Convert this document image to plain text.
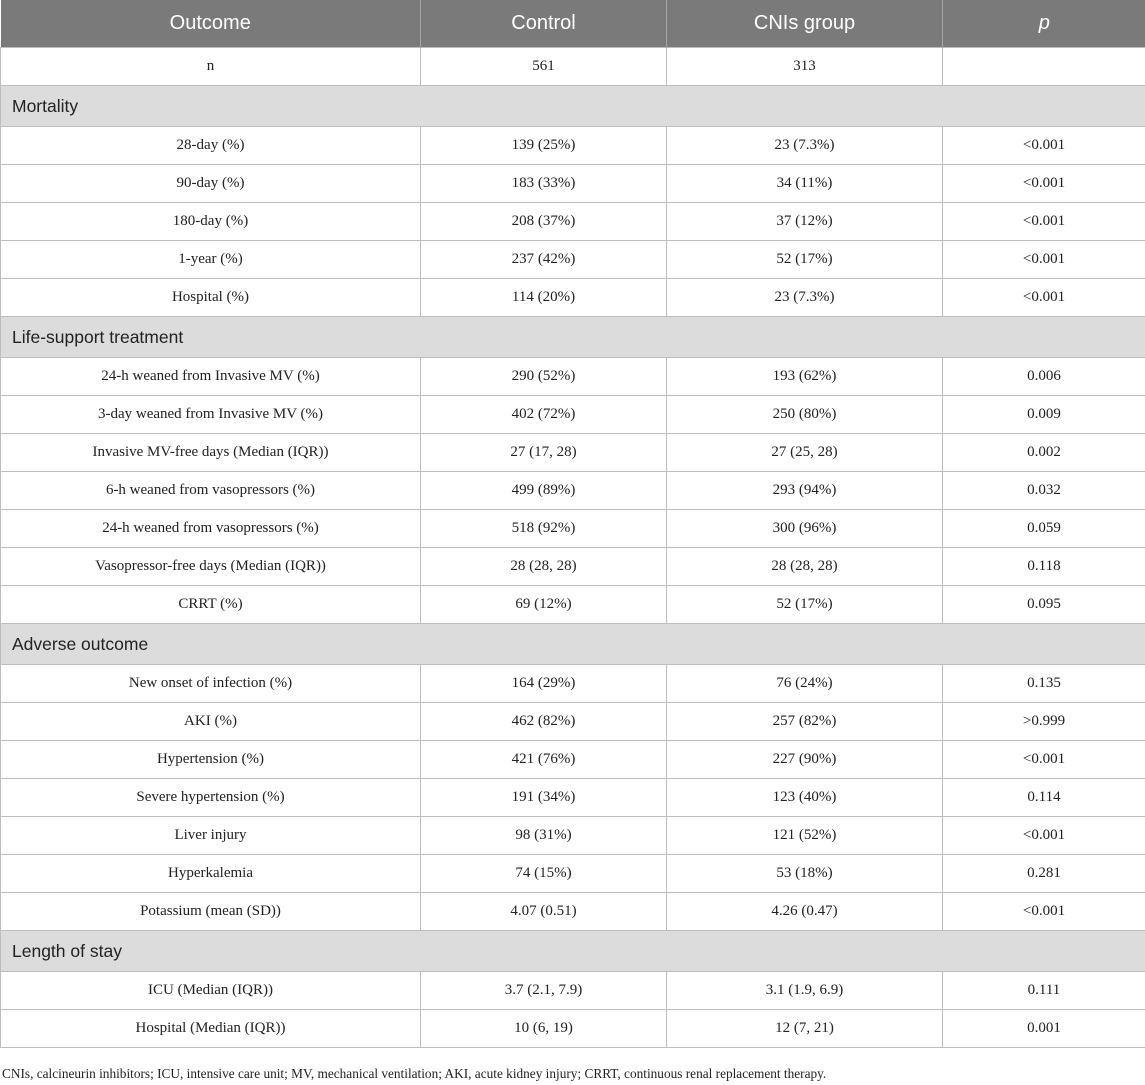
Outcome	Control	CNIs group	p
n	561	313	
Mortality			
28-day (%)	139 (25%)	23 (7.3%)	<0.001
90-day (%)	183 (33%)	34 (11%)	<0.001
180-day (%)	208 (37%)	37 (12%)	<0.001
1-year (%)	237 (42%)	52 (17%)	<0.001
Hospital (%)	114 (20%)	23 (7.3%)	<0.001
Life-support treatment			
24-h weaned from Invasive MV (%)	290 (52%)	193 (62%)	0.006
3-day weaned from Invasive MV (%)	402 (72%)	250 (80%)	0.009
Invasive MV-free days (Median (IQR))	27 (17, 28)	27 (25, 28)	0.002
6-h weaned from vasopressors (%)	499 (89%)	293 (94%)	0.032
24-h weaned from vasopressors (%)	518 (92%)	300 (96%)	0.059
Vasopressor-free days (Median (IQR))	28 (28, 28)	28 (28, 28)	0.118
CRRT (%)	69 (12%)	52 (17%)	0.095
Adverse outcome			
New onset of infection (%)	164 (29%)	76 (24%)	0.135
AKI (%)	462 (82%)	257 (82%)	>0.999
Hypertension (%)	421 (76%)	227 (90%)	<0.001
Severe hypertension (%)	191 (34%)	123 (40%)	0.114
Liver injury	98 (31%)	121 (52%)	<0.001
Hyperkalemia	74 (15%)	53 (18%)	0.281
Potassium (mean (SD))	4.07 (0.51)	4.26 (0.47)	<0.001
Length of stay			
ICU (Median (IQR))	3.7 (2.1, 7.9)	3.1 (1.9, 6.9)	0.111
Hospital (Median (IQR))	10 (6, 19)	12 (7, 21)	0.001
CNIs, calcineurin inhibitors; ICU, intensive care unit; MV, mechanical ventilation; AKI, acute kidney injury; CRRT, continuous renal replacement therapy.
